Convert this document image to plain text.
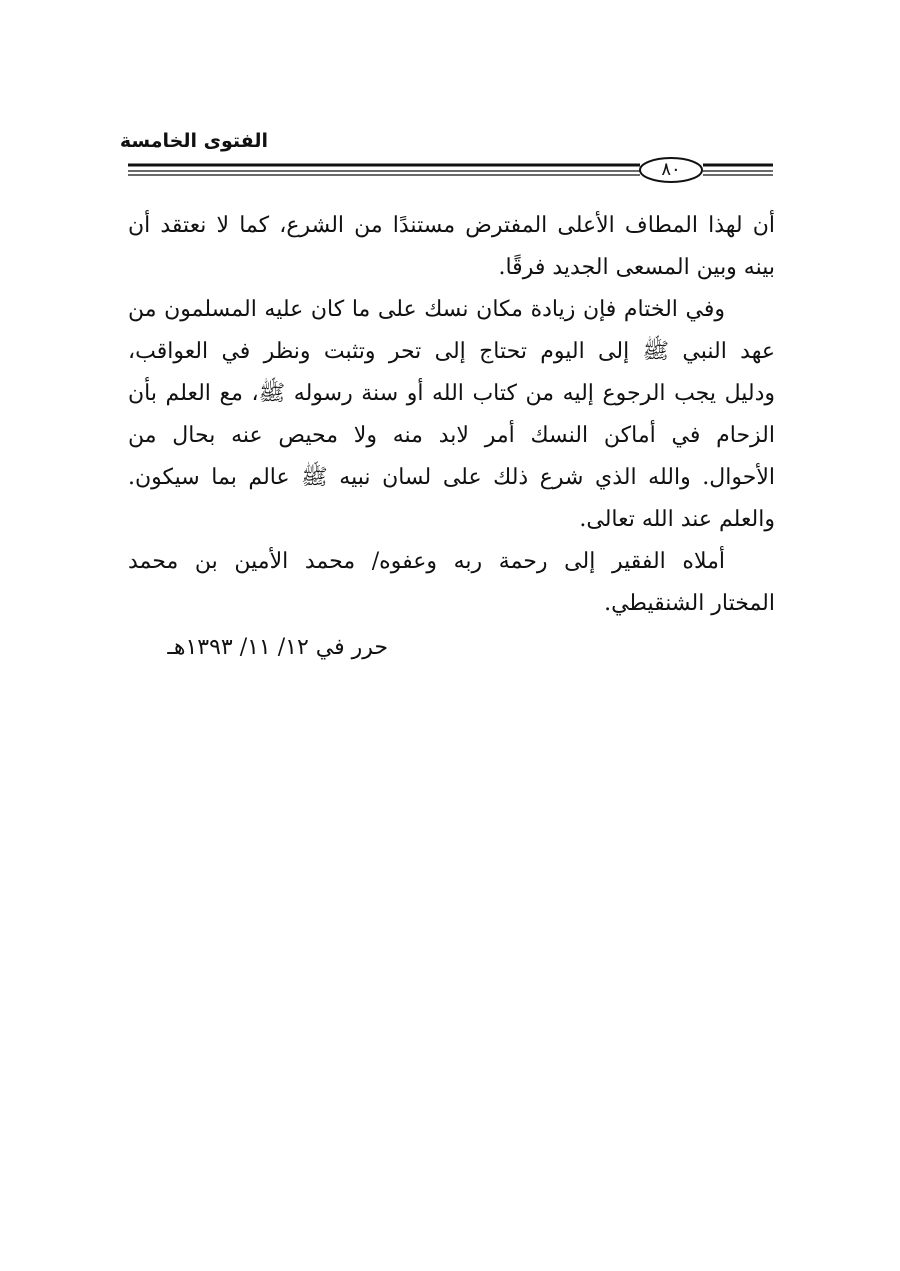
الفتوى الخامسة
٨٠

أن لهذا المطاف الأعلى المفترض مستندًا من الشرع، كما لا نعتقد أن
بينه وبين المسعى الجديد فرقًا.

وفي الختام فإن زيادة مكان نسك على ما كان عليه المسلمون من
عهد النبي ﷺ إلى اليوم تحتاج إلى تحر وتثبت ونظر في العواقب،
ودليل يجب الرجوع إليه من كتاب الله أو سنة رسوله ﷺ، مع العلم بأن
الزحام في أماكن النسك أمر لابد منه ولا محيص عنه بحال من
الأحوال. والله الذي شرع ذلك على لسان نبيه ﷺ عالم بما سيكون.
والعلم عند الله تعالى.

أملاه الفقير إلى رحمة ربه وعفوه/ محمد الأمين بن محمد
المختار الشنقيطي.

حرر في ١٢/ ١١/ ١٣٩٣هـ
